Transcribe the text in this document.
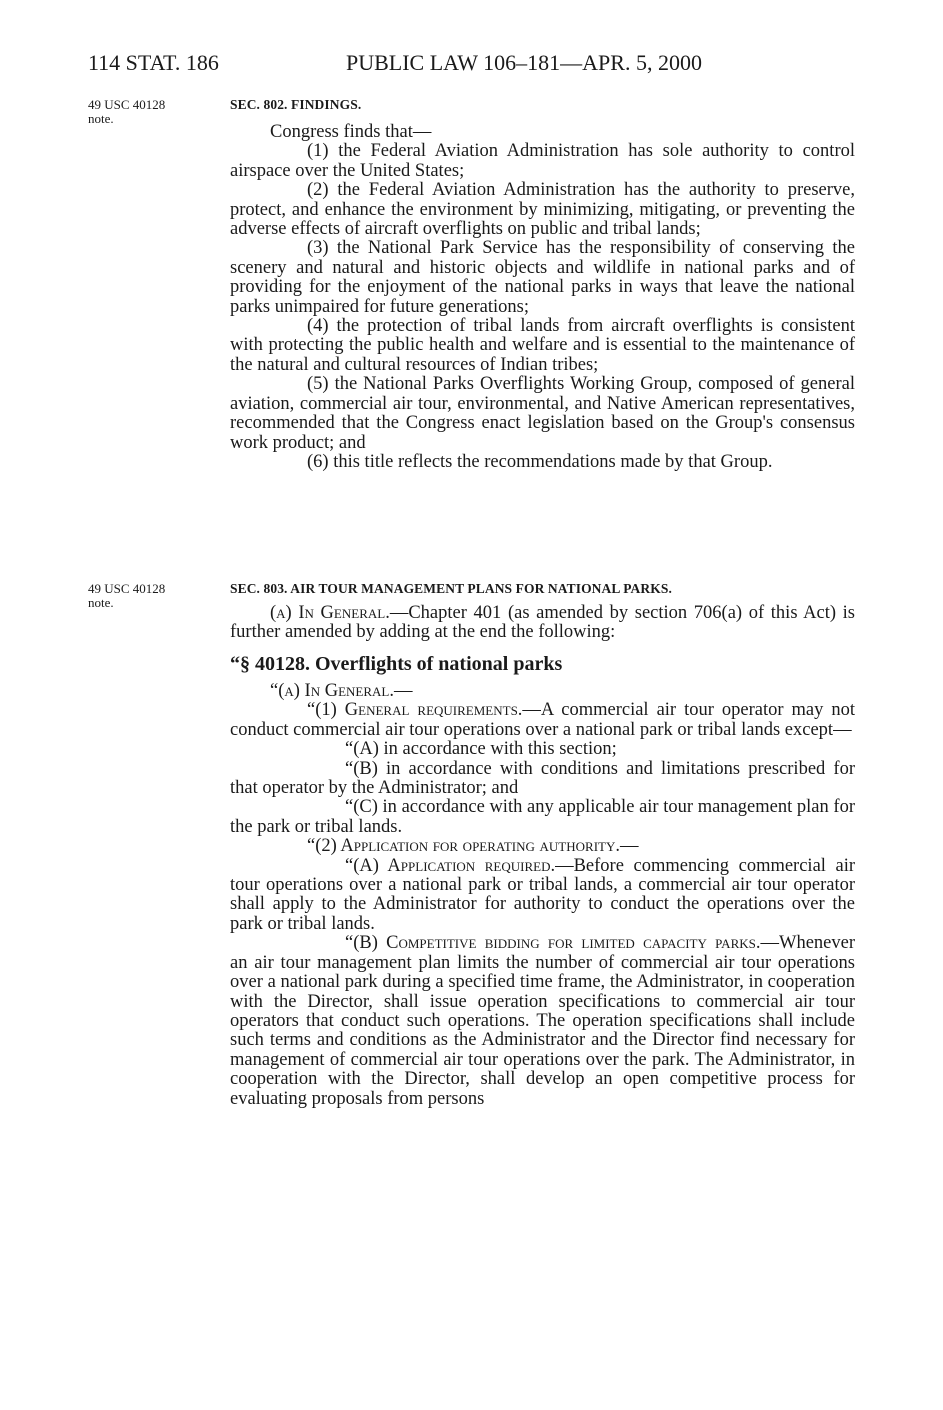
114 STAT. 186	PUBLIC LAW 106–181—APR. 5, 2000
49 USC 40128
note.
SEC. 802. FINDINGS.

Congress finds that—

(1) the Federal Aviation Administration has sole authority to control airspace over the United States;

(2) the Federal Aviation Administration has the authority to preserve, protect, and enhance the environment by minimizing, mitigating, or preventing the adverse effects of aircraft overflights on public and tribal lands;

(3) the National Park Service has the responsibility of conserving the scenery and natural and historic objects and wildlife in national parks and of providing for the enjoyment of the national parks in ways that leave the national parks unimpaired for future generations;

(4) the protection of tribal lands from aircraft overflights is consistent with protecting the public health and welfare and is essential to the maintenance of the natural and cultural resources of Indian tribes;

(5) the National Parks Overflights Working Group, composed of general aviation, commercial air tour, environmental, and Native American representatives, recommended that the Congress enact legislation based on the Group's consensus work product; and

(6) this title reflects the recommendations made by that Group.

49 USC 40128
note.
SEC. 803. AIR TOUR MANAGEMENT PLANS FOR NATIONAL PARKS.

(a) In General.—Chapter 401 (as amended by section 706(a) of this Act) is further amended by adding at the end the following:

“§ 40128. Overflights of national parks

“(a) In General.—

“(1) General requirements.—A commercial air tour operator may not conduct commercial air tour operations over a national park or tribal lands except—

“(A) in accordance with this section;

“(B) in accordance with conditions and limitations prescribed for that operator by the Administrator; and

“(C) in accordance with any applicable air tour management plan for the park or tribal lands.

“(2) Application for operating authority.—

“(A) Application required.—Before commencing commercial air tour operations over a national park or tribal lands, a commercial air tour operator shall apply to the Administrator for authority to conduct the operations over the park or tribal lands.

“(B) Competitive bidding for limited capacity parks.—Whenever an air tour management plan limits the number of commercial air tour operations over a national park during a specified time frame, the Administrator, in cooperation with the Director, shall issue operation specifications to commercial air tour operators that conduct such operations. The operation specifications shall include such terms and conditions as the Administrator and the Director find necessary for management of commercial air tour operations over the park. The Administrator, in cooperation with the Director, shall develop an open competitive process for evaluating proposals from persons
